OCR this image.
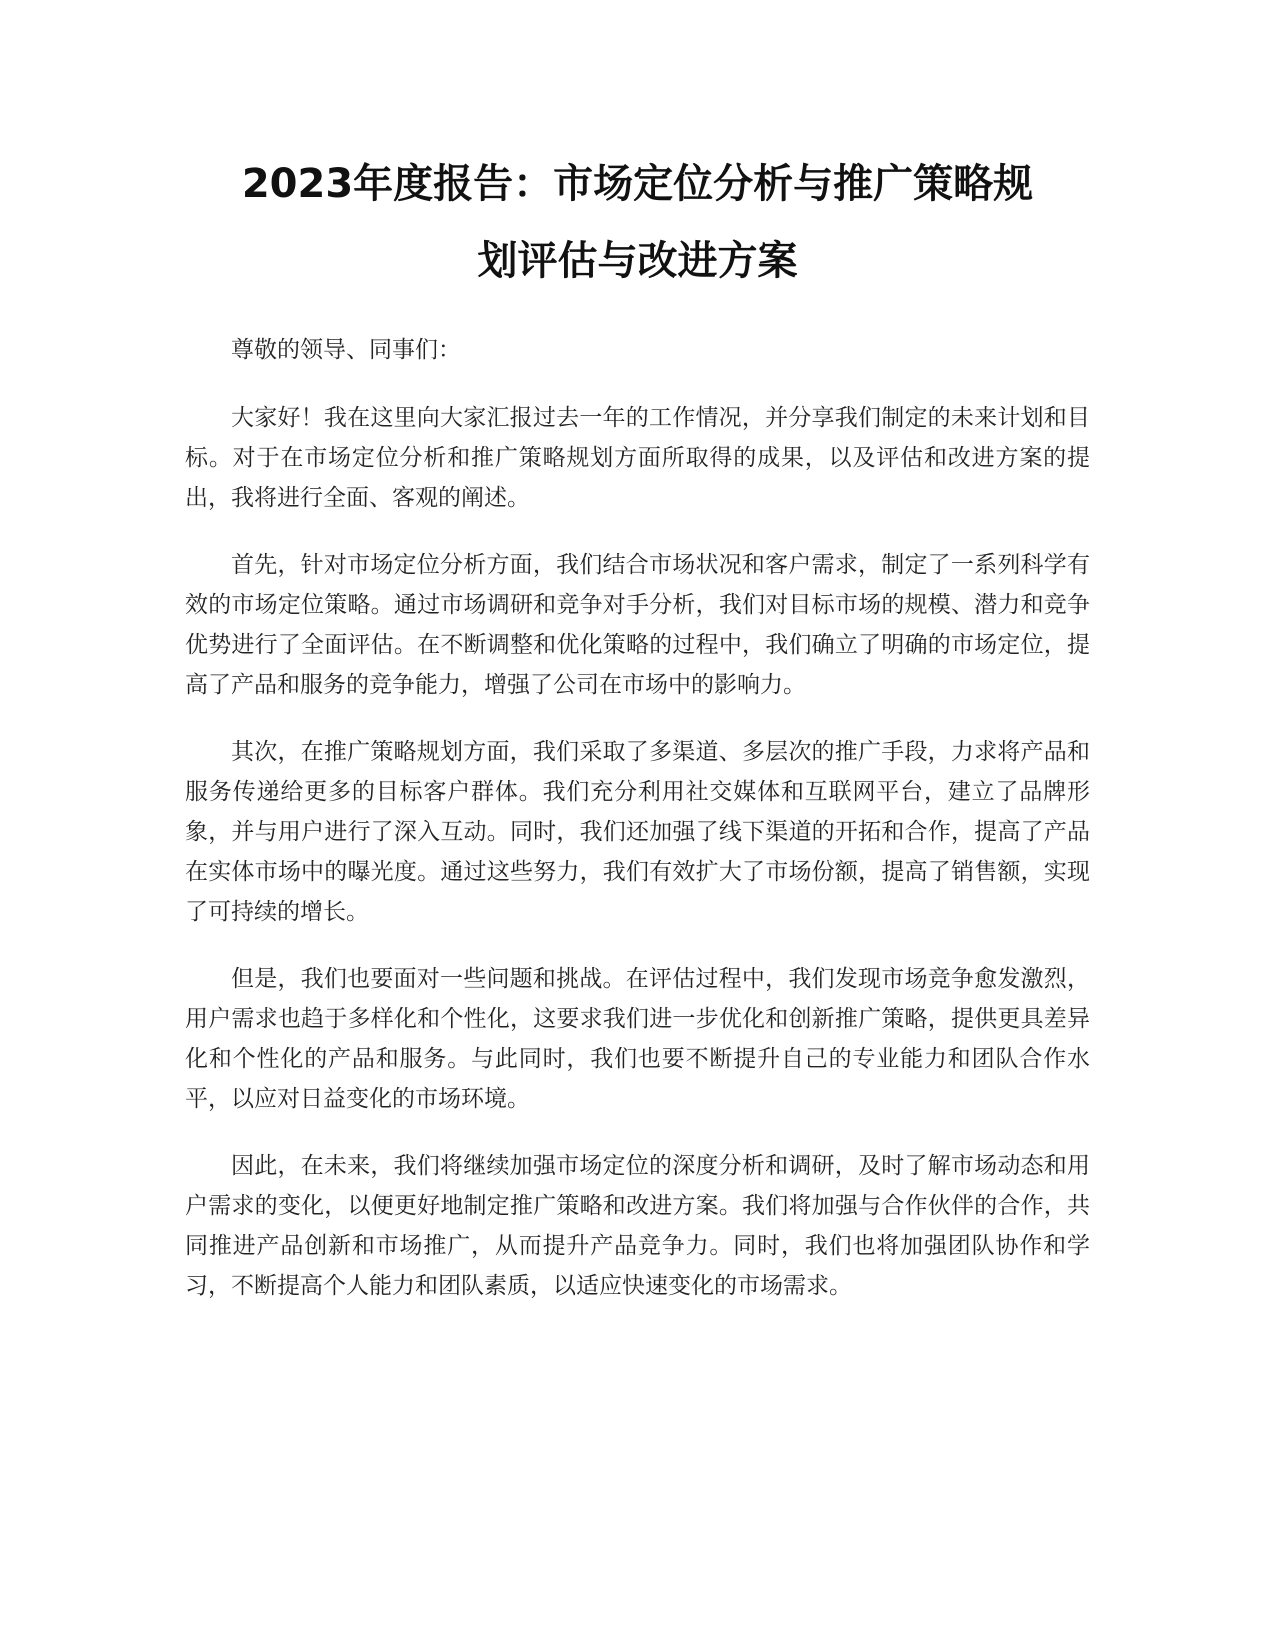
2023年度报告：市场定位分析与推广策略规
划评估与改进方案

尊敬的领导、同事们：

大家好！我在这里向大家汇报过去一年的工作情况，并分享我们制定的未来计划和目标。对于在市场定位分析和推广策略规划方面所取得的成果，以及评估和改进方案的提出，我将进行全面、客观的阐述。

首先，针对市场定位分析方面，我们结合市场状况和客户需求，制定了一系列科学有效的市场定位策略。通过市场调研和竞争对手分析，我们对目标市场的规模、潜力和竞争优势进行了全面评估。在不断调整和优化策略的过程中，我们确立了明确的市场定位，提高了产品和服务的竞争能力，增强了公司在市场中的影响力。

其次，在推广策略规划方面，我们采取了多渠道、多层次的推广手段，力求将产品和服务传递给更多的目标客户群体。我们充分利用社交媒体和互联网平台，建立了品牌形象，并与用户进行了深入互动。同时，我们还加强了线下渠道的开拓和合作，提高了产品在实体市场中的曝光度。通过这些努力，我们有效扩大了市场份额，提高了销售额，实现了可持续的增长。

但是，我们也要面对一些问题和挑战。在评估过程中，我们发现市场竞争愈发激烈，用户需求也趋于多样化和个性化，这要求我们进一步优化和创新推广策略，提供更具差异化和个性化的产品和服务。与此同时，我们也要不断提升自己的专业能力和团队合作水平，以应对日益变化的市场环境。

因此，在未来，我们将继续加强市场定位的深度分析和调研，及时了解市场动态和用户需求的变化，以便更好地制定推广策略和改进方案。我们将加强与合作伙伴的合作，共同推进产品创新和市场推广，从而提升产品竞争力。同时，我们也将加强团队协作和学习，不断提高个人能力和团队素质，以适应快速变化的市场需求。
